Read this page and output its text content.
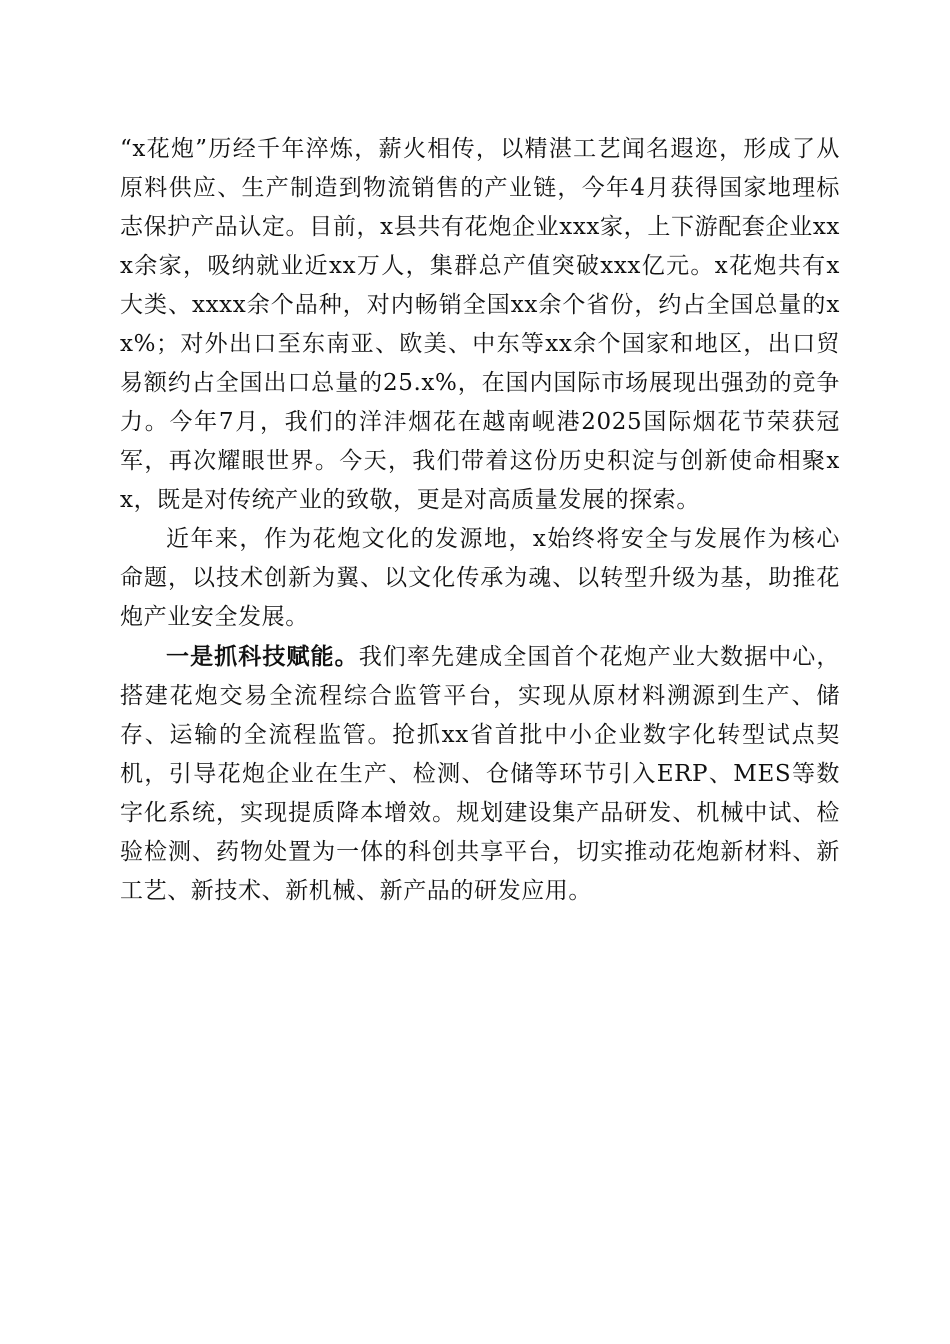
“x花炮”历经千年淬炼，薪火相传，以精湛工艺闻名遐迩，形成了从原料供应、生产制造到物流销售的产业链，今年4月获得国家地理标志保护产品认定。目前，x县共有花炮企业xxx家，上下游配套企业xxx余家，吸纳就业近xx万人，集群总产值突破xxx亿元。x花炮共有x大类、xxxx余个品种，对内畅销全国xx余个省份，约占全国总量的xx%；对外出口至东南亚、欧美、中东等xx余个国家和地区，出口贸易额约占全国出口总量的25.x%，在国内国际市场展现出强劲的竞争力。今年7月，我们的洋沣烟花在越南岘港2025国际烟花节荣获冠军，再次耀眼世界。今天，我们带着这份历史积淀与创新使命相聚xx，既是对传统产业的致敬，更是对高质量发展的探索。

近年来，作为花炮文化的发源地，x始终将安全与发展作为核心命题，以技术创新为翼、以文化传承为魂、以转型升级为基，助推花炮产业安全发展。

一是抓科技赋能。我们率先建成全国首个花炮产业大数据中心，搭建花炮交易全流程综合监管平台，实现从原材料溯源到生产、储存、运输的全流程监管。抢抓xx省首批中小企业数字化转型试点契机，引导花炮企业在生产、检测、仓储等环节引入ERP、MES等数字化系统，实现提质降本增效。规划建设集产品研发、机械中试、检验检测、药物处置为一体的科创共享平台，切实推动花炮新材料、新工艺、新技术、新机械、新产品的研发应用。
